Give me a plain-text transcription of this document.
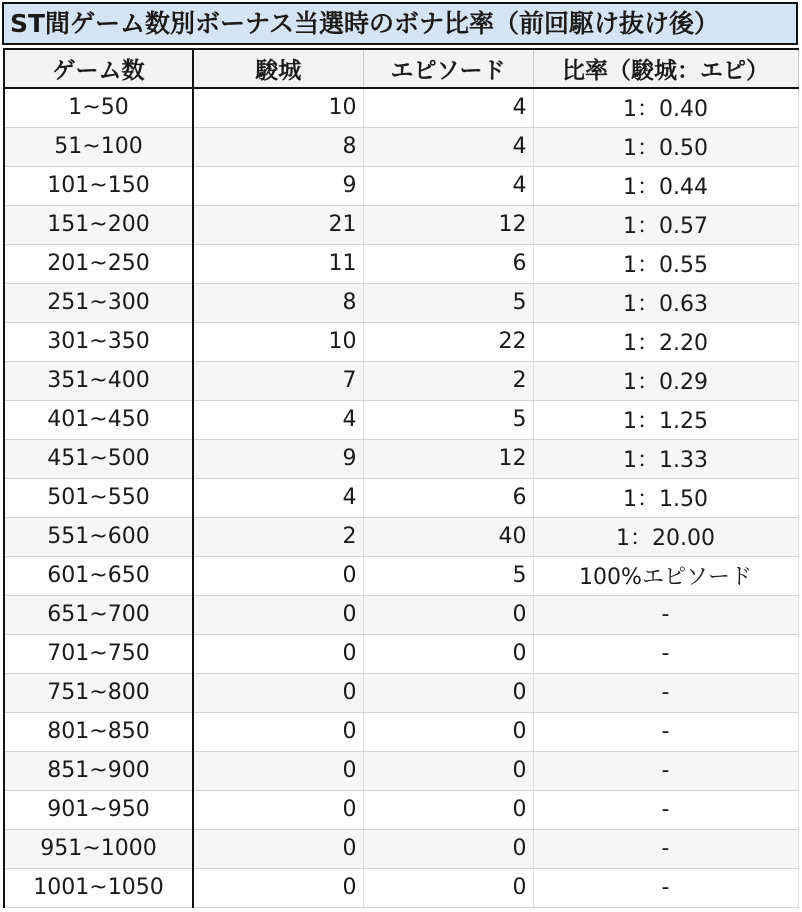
ST間ゲーム数別ボーナス当選時のボナ比率（前回駆け抜け後）
ゲーム数	駿城	エピソード	比率（駿城：エピ）
1~50	10	4	1：0.40
51~100	8	4	1：0.50
101~150	9	4	1：0.44
151~200	21	12	1：0.57
201~250	11	6	1：0.55
251~300	8	5	1：0.63
301~350	10	22	1：2.20
351~400	7	2	1：0.29
401~450	4	5	1：1.25
451~500	9	12	1：1.33
501~550	4	6	1：1.50
551~600	2	40	1：20.00
601~650	0	5	100%エピソード
651~700	0	0	-
701~750	0	0	-
751~800	0	0	-
801~850	0	0	-
851~900	0	0	-
901~950	0	0	-
951~1000	0	0	-
1001~1050	0	0	-
